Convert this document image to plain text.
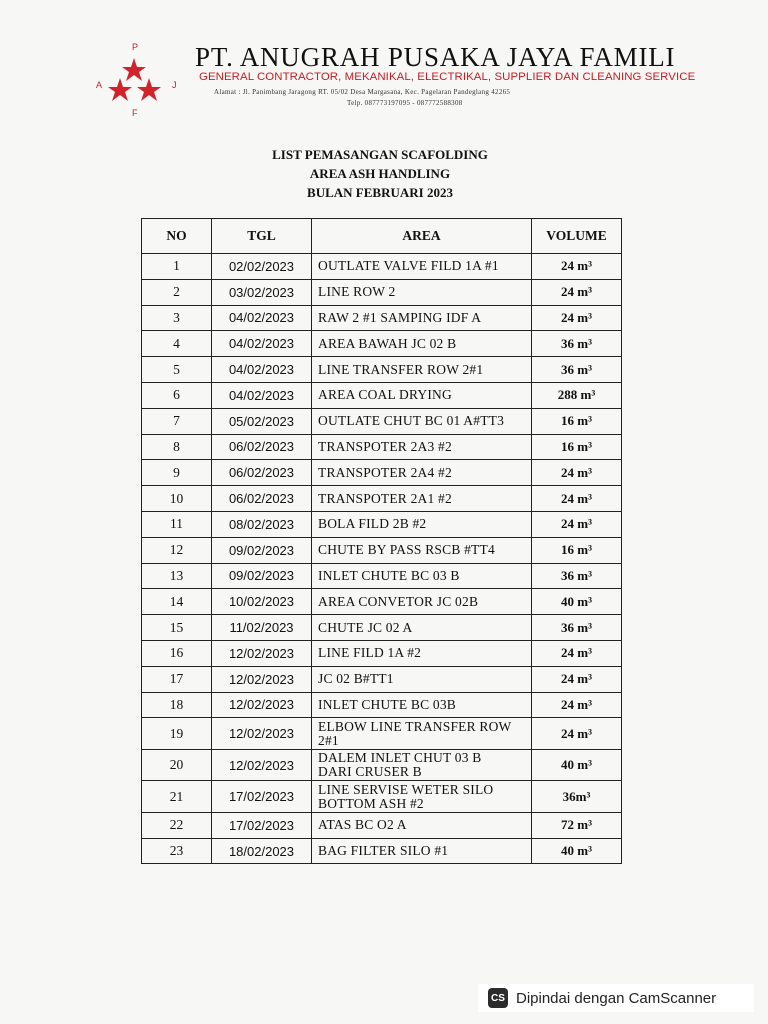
P
A	J
F
PT. ANUGRAH PUSAKA JAYA FAMILI
GENERAL CONTRACTOR, MEKANIKAL, ELECTRIKAL, SUPPLIER DAN CLEANING SERVICE
Alamat : Jl. Panimbang Jaragong RT. 05/02 Desa Margasana, Kec. Pagelaran Pandeglang 42265
Telp. 087773197095 - 087772588308
LIST PEMASANGAN SCAFOLDING
AREA ASH HANDLING
BULAN FEBRUARI 2023
NO	TGL	AREA	VOLUME
1	02/02/2023	OUTLATE VALVE FILD 1A #1	24 m³
2	03/02/2023	LINE ROW 2	24 m³
3	04/02/2023	RAW 2 #1 SAMPING IDF A	24 m³
4	04/02/2023	AREA BAWAH JC 02 B	36 m³
5	04/02/2023	LINE TRANSFER ROW 2#1	36 m³
6	04/02/2023	AREA COAL DRYING	288 m³
7	05/02/2023	OUTLATE CHUT BC 01 A#TT3	16 m³
8	06/02/2023	TRANSPOTER 2A3 #2	16 m³
9	06/02/2023	TRANSPOTER 2A4 #2	24 m³
10	06/02/2023	TRANSPOTER 2A1 #2	24 m³
11	08/02/2023	BOLA FILD 2B #2	24 m³
12	09/02/2023	CHUTE BY PASS RSCB #TT4	16 m³
13	09/02/2023	INLET CHUTE BC 03 B	36 m³
14	10/02/2023	AREA CONVETOR JC 02B	40 m³
15	11/02/2023	CHUTE JC 02 A	36 m³
16	12/02/2023	LINE FILD 1A #2	24 m³
17	12/02/2023	JC 02 B#TT1	24 m³
18	12/02/2023	INLET CHUTE BC 03B	24 m³
19	12/02/2023	ELBOW LINE TRANSFER ROW
2#1	24 m³
20	12/02/2023	DALEM INLET CHUT 03 B
DARI CRUSER B	40 m³
21	17/02/2023	LINE SERVISE WETER SILO
BOTTOM ASH #2	36m³
22	17/02/2023	ATAS BC O2 A	72 m³
23	18/02/2023	BAG FILTER SILO #1	40 m³
CS Dipindai dengan CamScanner
